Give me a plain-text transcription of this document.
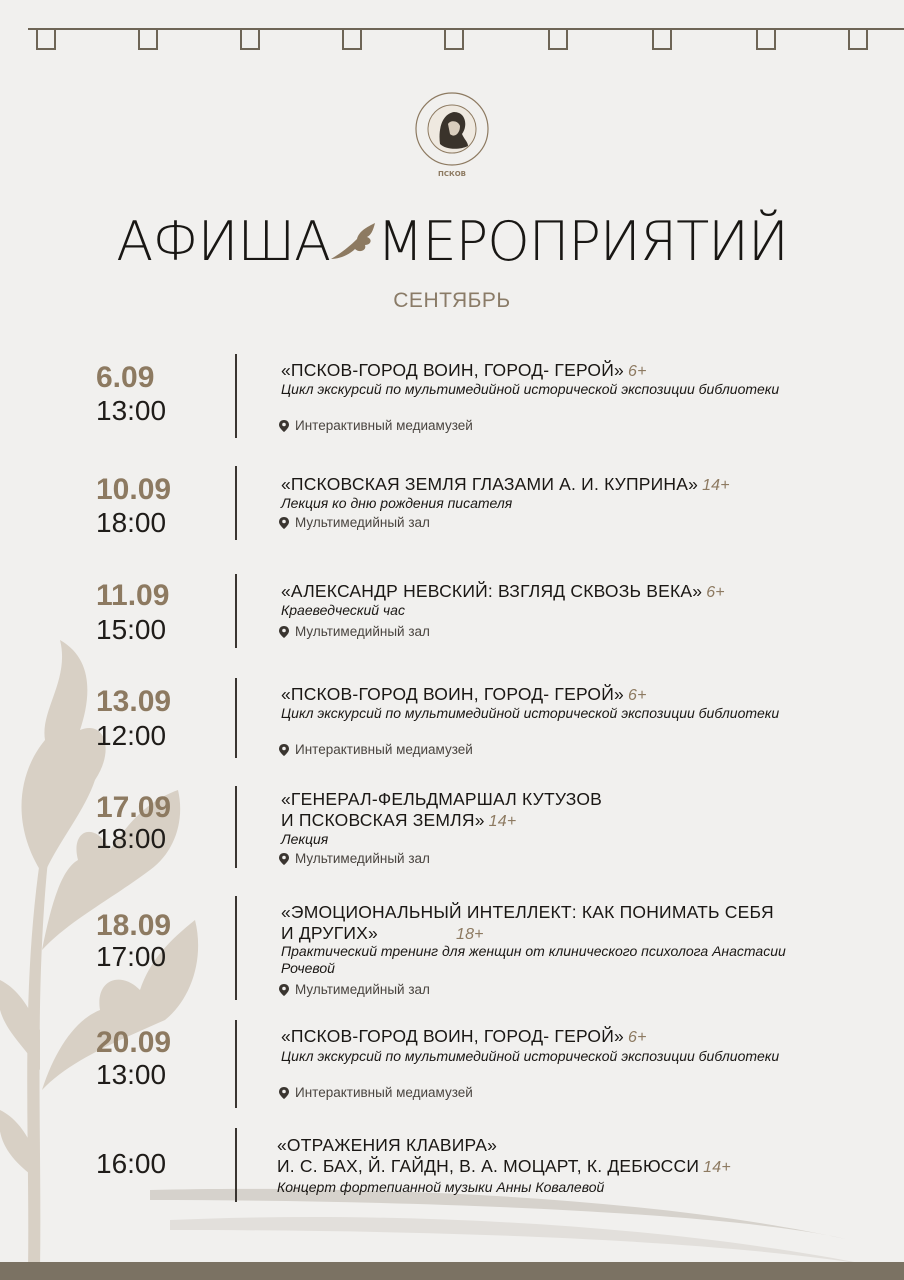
ПСКОВ
АФИША МЕРОПРИЯТИЙ
СЕНТЯБРЬ
6.09
13:00
«ПСКОВ-ГОРОД ВОИН, ГОРОД- ГЕРОЙ» 6+
Цикл экскурсий по мультимедийной исторической экспозиции библиотеки
Интерактивный медиамузей
10.09
18:00
«ПСКОВСКАЯ ЗЕМЛЯ ГЛАЗАМИ А. И. КУПРИНА» 14+
Лекция ко дню рождения писателя
Мультимедийный зал
11.09
15:00
«АЛЕКСАНДР НЕВСКИЙ: ВЗГЛЯД СКВОЗЬ ВЕКА» 6+
Краеведческий час
Мультимедийный зал
13.09
12:00
«ПСКОВ-ГОРОД ВОИН, ГОРОД- ГЕРОЙ» 6+
Цикл экскурсий по мультимедийной исторической экспозиции библиотеки
Интерактивный медиамузей
17.09
18:00
«ГЕНЕРАЛ-ФЕЛЬДМАРШАЛ КУТУЗОВ
И ПСКОВСКАЯ ЗЕМЛЯ» 14+
Лекция
Мультимедийный зал
18.09
17:00
«ЭМОЦИОНАЛЬНЫЙ ИНТЕЛЛЕКТ: КАК ПОНИМАТЬ СЕБЯ
И ДРУГИХ»	18+
Практический тренинг для женщин от клинического психолога Анастасии Рочевой
Мультимедийный зал
20.09
13:00
«ПСКОВ-ГОРОД ВОИН, ГОРОД- ГЕРОЙ» 6+
Цикл экскурсий по мультимедийной исторической экспозиции библиотеки
Интерактивный медиамузей
16:00
«ОТРАЖЕНИЯ КЛАВИРА»
И. С. БАХ, Й. ГАЙДН, В. А. МОЦАРТ, К. ДЕБЮССИ 14+
Концерт фортепианной музыки Анны Ковалевой
